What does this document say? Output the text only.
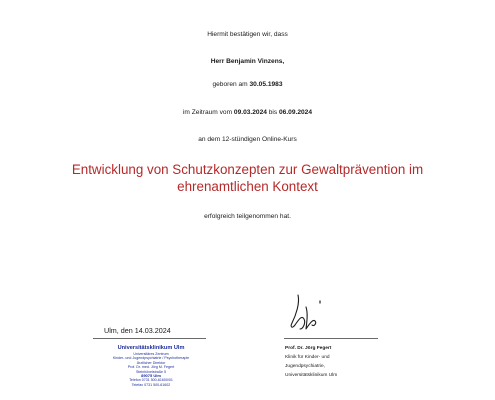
Hiermit bestätigen wir, dass
Herr Benjamin Vinzens,
geboren am 30.05.1983
im Zeitraum vom 09.03.2024 bis 06.09.2024
an dem 12-stündigen Online-Kurs
Entwicklung von Schutzkonzepten zur Gewaltprävention im ehrenamtlichen Kontext
erfolgreich teilgenommen hat.
Ulm, den 14.03.2024
Universitätsklinikum Ulm
Universitäres Zentrum
Kinder- und Jugendpsychiatrie / Psychotherapie
Ärztlicher Direktor
Prof. Dr. med. Jörg M. Fegert
Steinhövelstraße 5
89075 Ulm
Telefon 0731 500-61600/01
Telefax 0731 500-61602
Prof. Dr. Jörg Fegert
Klinik für Kinder- und
Jugendpsychiatrie,
Universitätsklinikum Ulm
